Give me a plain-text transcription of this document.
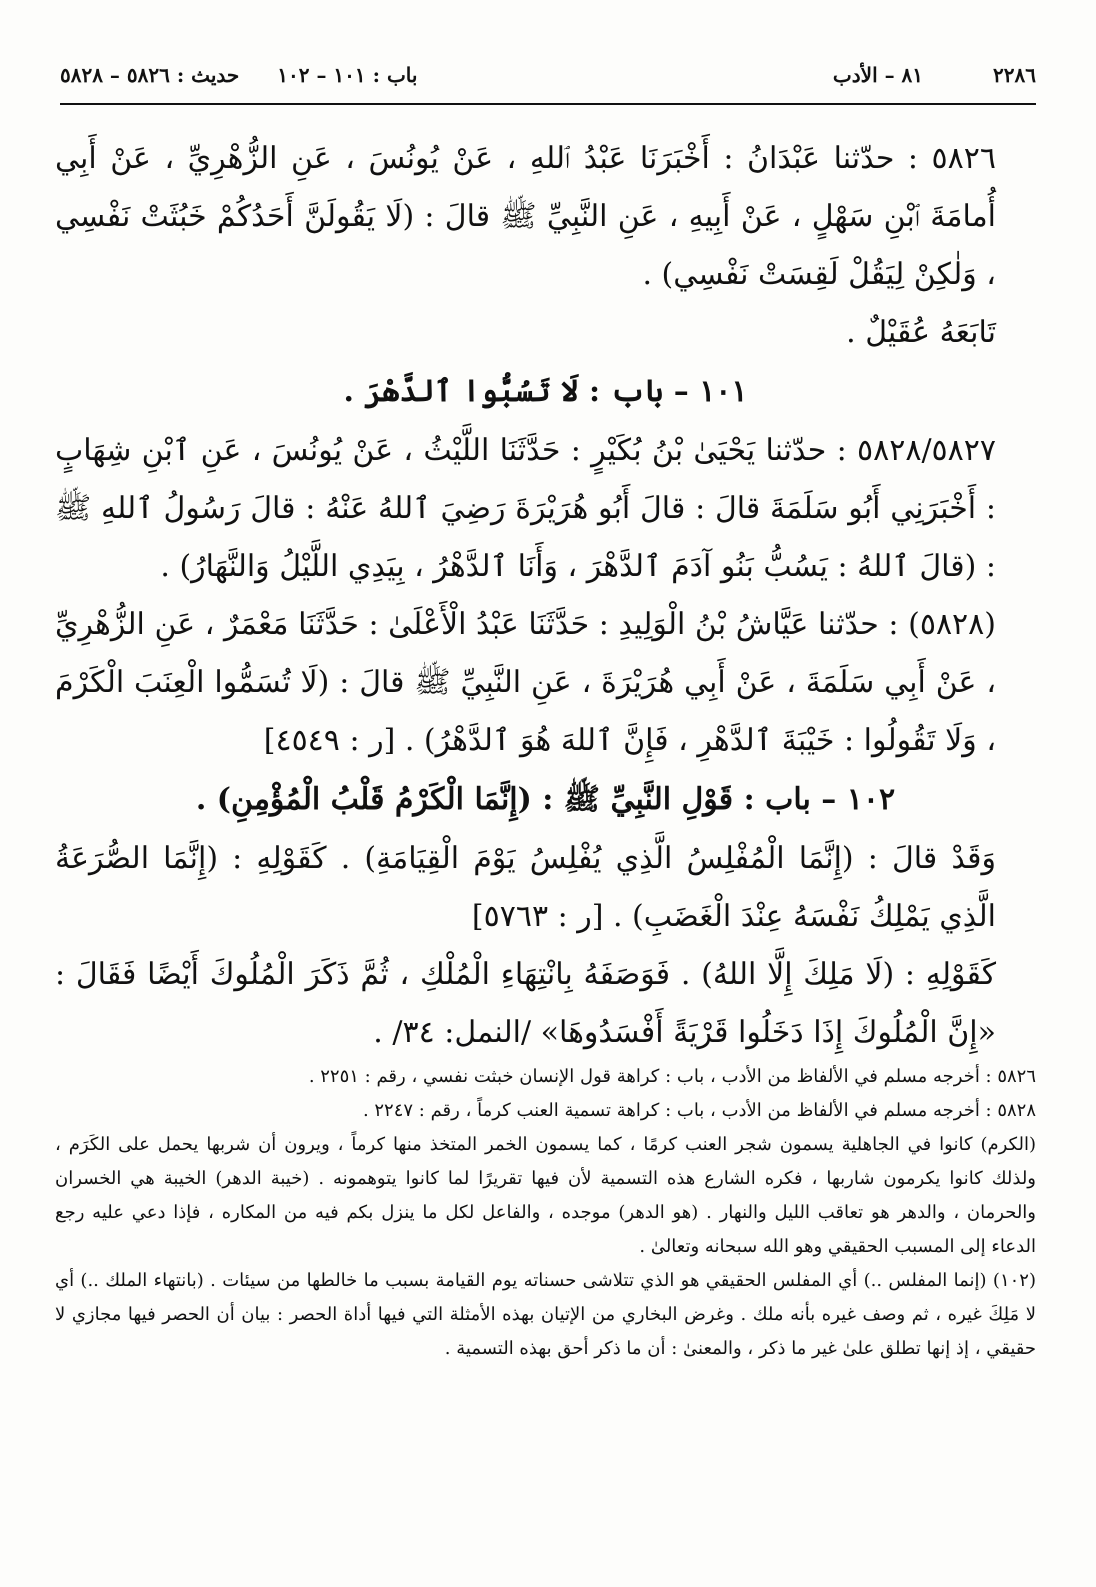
٢٢٨٦
٨١ – الأدب
باب : ١٠١ – ١٠٢
حديث : ٥٨٢٦ – ٥٨٢٨

٥٨٢٦ : حدّثنا عَبْدَانُ : أَخْبَرَنَا عَبْدُ ٱللهِ ، عَنْ يُونُسَ ، عَنِ الزُّهْرِيِّ ، عَنْ أَبِي أُمامَةَ ٱبْنِ سَهْلٍ ، عَنْ أَبِيهِ ، عَنِ النَّبِيِّ ﷺ قالَ : (لَا يَقُولَنَّ أَحَدُكُمْ خَبُثَتْ نَفْسِي ، وَلٰكِنْ لِيَقُلْ لَقِسَتْ نَفْسِي) .

تَابَعَهُ عُقَيْلٌ .

١٠١ – باب : لَا تَسُبُّوا ٱلدَّهْرَ .

٥٨٢٨/٥٨٢٧ : حدّثنا يَحْيَىٰ بْنُ بُكَيْرٍ : حَدَّثَنَا اللَّيْثُ ، عَنْ يُونُسَ ، عَنِ ٱبْنِ شِهَابٍ : أَخْبَرَنِي أَبُو سَلَمَةَ قالَ : قالَ أَبُو هُرَيْرَةَ رَضِيَ ٱللهُ عَنْهُ : قالَ رَسُولُ ٱللهِ ﷺ : (قالَ ٱللهُ : يَسُبُّ بَنُو آدَمَ ٱلدَّهْرَ ، وَأَنَا ٱلدَّهْرُ ، بِيَدِي اللَّيْلُ وَالنَّهَارُ) .

(٥٨٢٨) : حدّثنا عَيَّاشُ بْنُ الْوَلِيدِ : حَدَّثَنَا عَبْدُ الْأَعْلَىٰ : حَدَّثَنَا مَعْمَرٌ ، عَنِ الزُّهْرِيِّ ، عَنْ أَبِي سَلَمَةَ ، عَنْ أَبِي هُرَيْرَةَ ، عَنِ النَّبِيِّ ﷺ قالَ : (لَا تُسَمُّوا الْعِنَبَ الْكَرْمَ ، وَلَا تَقُولُوا : خَيْبَةَ ٱلدَّهْرِ ، فَإِنَّ ٱللهَ هُوَ ٱلدَّهْرُ) . [ر : ٤٥٤٩]

١٠٢ – باب : قَوْلِ النَّبِيِّ ﷺ : (إِنَّمَا الْكَرْمُ قَلْبُ الْمُؤْمِنِ) .

وَقَدْ قالَ : (إِنَّمَا الْمُفْلِسُ الَّذِي يُفْلِسُ يَوْمَ الْقِيَامَةِ) . كَقَوْلِهِ : (إِنَّمَا الصُّرَعَةُ الَّذِي يَمْلِكُ نَفْسَهُ عِنْدَ الْغَضَبِ) . [ر : ٥٧٦٣]

كَقَوْلِهِ : (لَا مَلِكَ إِلَّا اللهُ) . فَوَصَفَهُ بِانْتِهَاءِ الْمُلْكِ ، ثُمَّ ذَكَرَ الْمُلُوكَ أَيْضًا فَقَالَ : «إِنَّ الْمُلُوكَ إِذَا دَخَلُوا قَرْيَةً أَفْسَدُوهَا» /النمل: ٣٤/ .

٥٨٢٦ : أخرجه مسلم في الألفاظ من الأدب ، باب : كراهة قول الإنسان خبثت نفسي ، رقم : ٢٢٥١ .

٥٨٢٨ : أخرجه مسلم في الألفاظ من الأدب ، باب : كراهة تسمية العنب كرماً ، رقم : ٢٢٤٧ .

(الكرم) كانوا في الجاهلية يسمون شجر العنب كرمًا ، كما يسمون الخمر المتخذ منها كرماً ، ويرون أن شربها يحمل على الكَرَم ، ولذلك كانوا يكرمون شاربها ، فكره الشارع هذه التسمية لأن فيها تقريرًا لما كانوا يتوهمونه . (خيبة الدهر) الخيبة هي الخسران والحرمان ، والدهر هو تعاقب الليل والنهار . (هو الدهر) موجده ، والفاعل لكل ما ينزل بكم فيه من المكاره ، فإذا دعي عليه رجع الدعاء إلى المسبب الحقيقي وهو الله سبحانه وتعالىٰ .

(١٠٢) (إنما المفلس ..) أي المفلس الحقيقي هو الذي تتلاشى حسناته يوم القيامة بسبب ما خالطها من سيئات . (بانتهاء الملك ..) أي لا مَلِكَ غيره ، ثم وصف غيره بأنه ملك . وغرض البخاري من الإتيان بهذه الأمثلة التي فيها أداة الحصر : بيان أن الحصر فيها مجازي لا حقيقي ، إذ إنها تطلق علىٰ غير ما ذكر ، والمعنىٰ : أن ما ذكر أحق بهذه التسمية .
